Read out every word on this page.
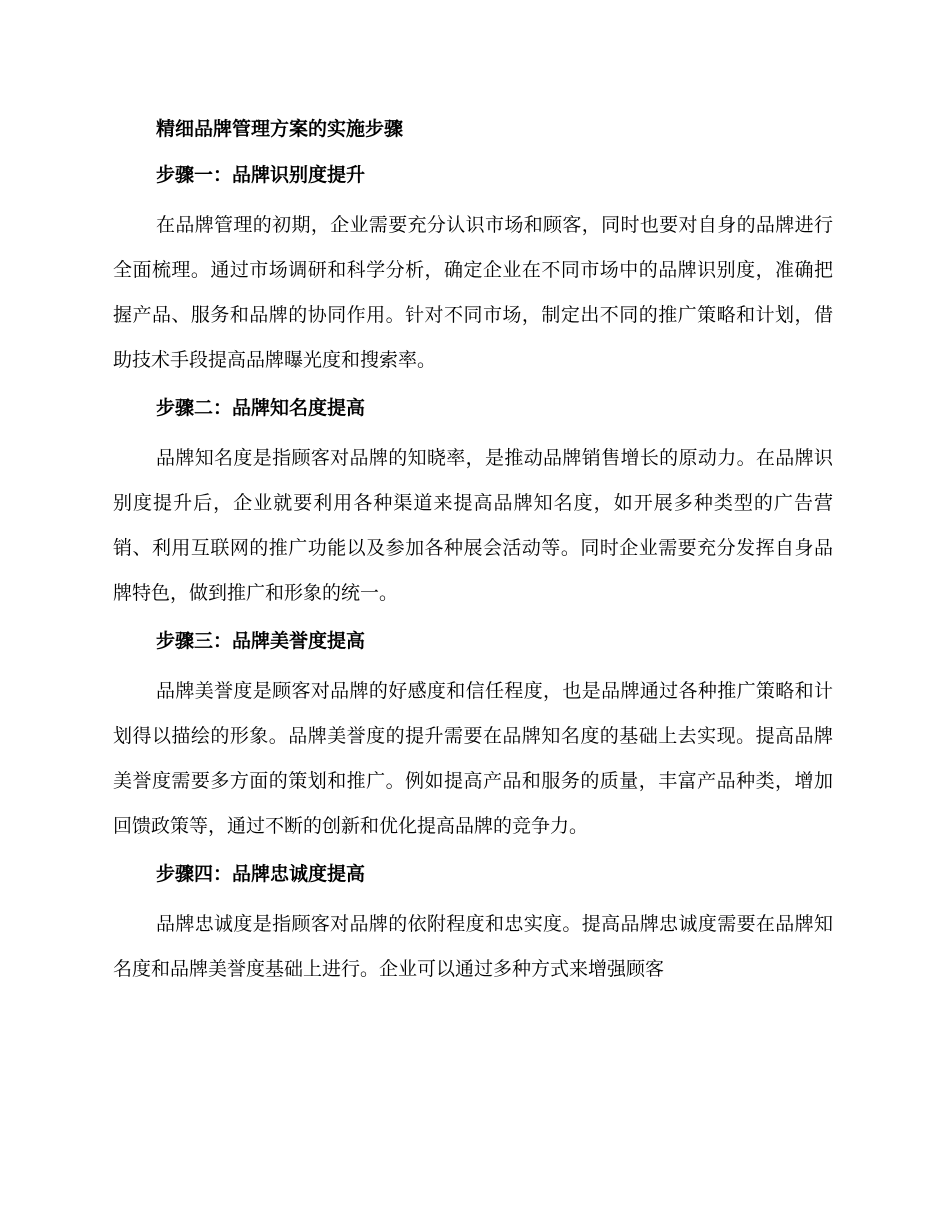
精细品牌管理方案的实施步骤
步骤一：品牌识别度提升

在品牌管理的初期，企业需要充分认识市场和顾客，同时也要对自身的品牌进行全面梳理。通过市场调研和科学分析，确定企业在不同市场中的品牌识别度，准确把握产品、服务和品牌的协同作用。针对不同市场，制定出不同的推广策略和计划，借助技术手段提高品牌曝光度和搜索率。

步骤二：品牌知名度提高

品牌知名度是指顾客对品牌的知晓率，是推动品牌销售增长的原动力。在品牌识别度提升后，企业就要利用各种渠道来提高品牌知名度，如开展多种类型的广告营销、利用互联网的推广功能以及参加各种展会活动等。同时企业需要充分发挥自身品牌特色，做到推广和形象的统一。

步骤三：品牌美誉度提高

品牌美誉度是顾客对品牌的好感度和信任程度，也是品牌通过各种推广策略和计划得以描绘的形象。品牌美誉度的提升需要在品牌知名度的基础上去实现。提高品牌美誉度需要多方面的策划和推广。例如提高产品和服务的质量，丰富产品种类，增加回馈政策等，通过不断的创新和优化提高品牌的竞争力。

步骤四：品牌忠诚度提高

品牌忠诚度是指顾客对品牌的依附程度和忠实度。提高品牌忠诚度需要在品牌知名度和品牌美誉度基础上进行。企业可以通过多种方式来增强顾客
